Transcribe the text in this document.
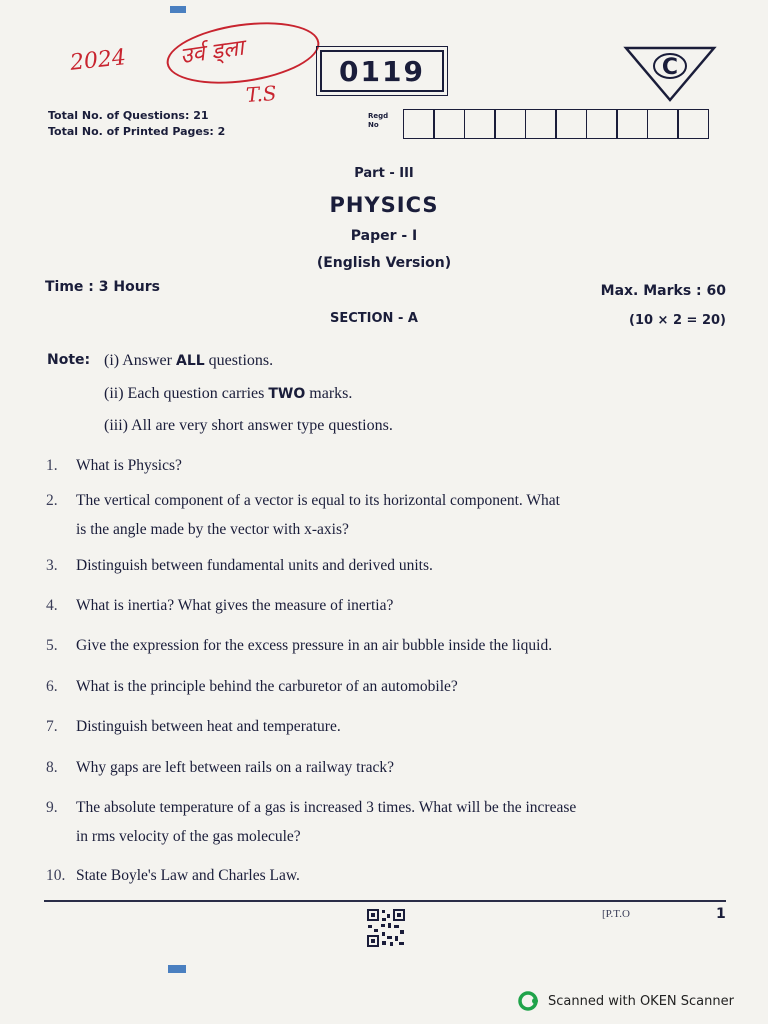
2024 उर्व ड्ला
T.S
0119	C
Total No. of Questions: 21
Total No. of Printed Pages: 2
Regd
No
Part - III
PHYSICS
Paper - I
(English Version)
Time : 3 Hours	Max. Marks : 60
SECTION - A	(10 × 2 = 20)
Note: (i) Answer ALL questions.
(ii) Each question carries TWO marks.
(iii) All are very short answer type questions.
1. What is Physics?
2. The vertical component of a vector is equal to its horizontal component. What
is the angle made by the vector with x-axis?
3. Distinguish between fundamental units and derived units.
4. What is inertia? What gives the measure of inertia?
5. Give the expression for the excess pressure in an air bubble inside the liquid.
6. What is the principle behind the carburetor of an automobile?
7. Distinguish between heat and temperature.
8. Why gaps are left between rails on a railway track?
9. The absolute temperature of a gas is increased 3 times. What will be the increase
in rms velocity of the gas molecule?
10. State Boyle's Law and Charles Law.
[P.T.O	1
Scanned with OKEN Scanner
